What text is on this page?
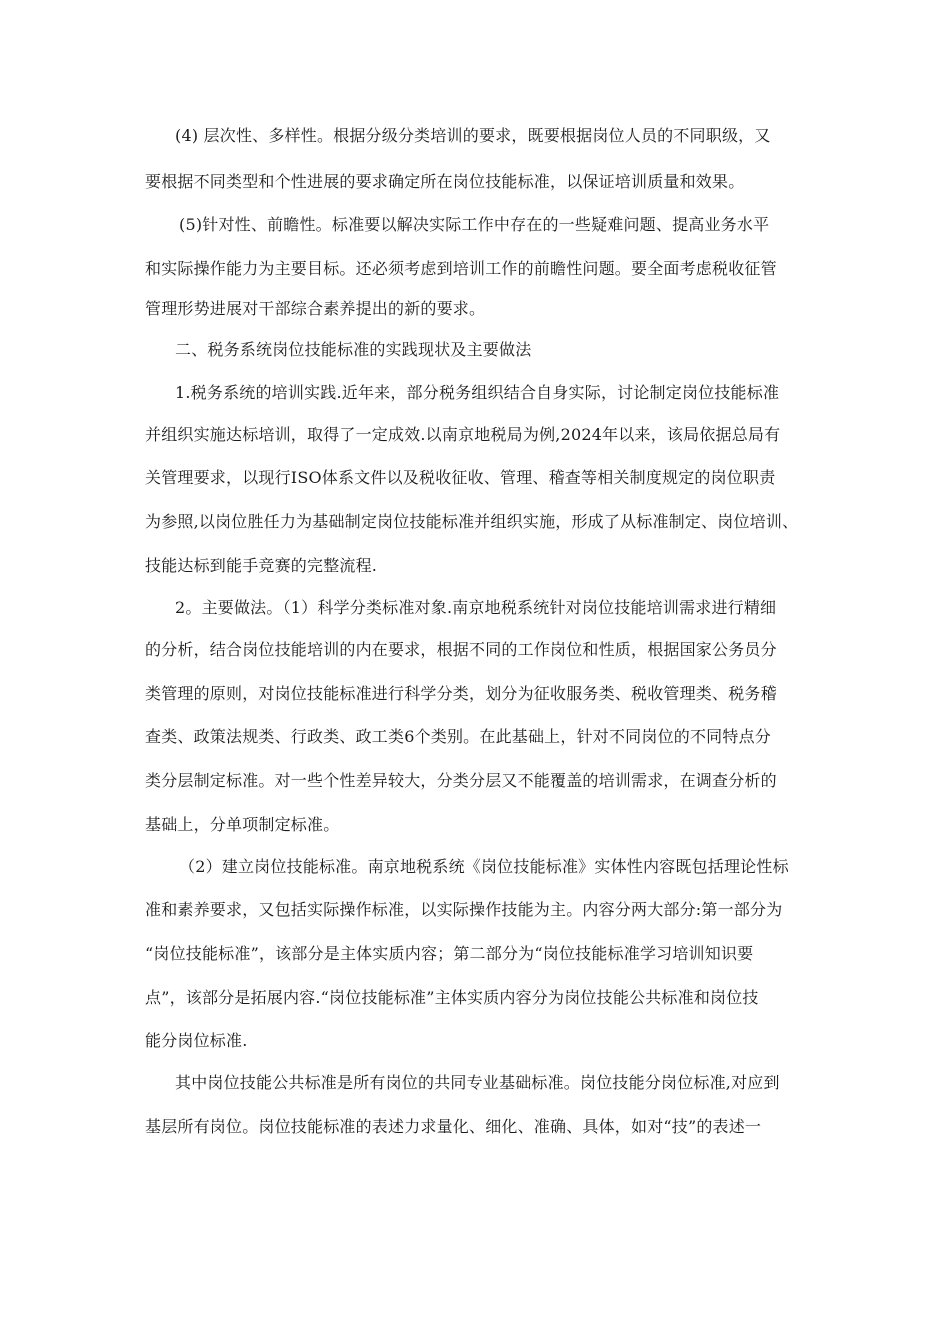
(4) 层次性、多样性。根据分级分类培训的要求，既要根据岗位人员的不同职级，又
要根据不同类型和个性进展的要求确定所在岗位技能标准，以保证培训质量和效果。
(5)针对性、前瞻性。标准要以解决实际工作中存在的一些疑难问题、提高业务水平
和实际操作能力为主要目标。还必须考虑到培训工作的前瞻性问题。要全面考虑税收征管
管理形势进展对干部综合素养提出的新的要求。
二、税务系统岗位技能标准的实践现状及主要做法
1.税务系统的培训实践.近年来，部分税务组织结合自身实际，讨论制定岗位技能标准
并组织实施达标培训，取得了一定成效.以南京地税局为例,2024年以来，该局依据总局有
关管理要求，以现行ISO体系文件以及税收征收、管理、稽查等相关制度规定的岗位职责
为参照,以岗位胜任力为基础制定岗位技能标准并组织实施，形成了从标准制定、岗位培训、
技能达标到能手竞赛的完整流程.
2。主要做法。（1）科学分类标准对象.南京地税系统针对岗位技能培训需求进行精细
的分析，结合岗位技能培训的内在要求，根据不同的工作岗位和性质，根据国家公务员分
类管理的原则，对岗位技能标准进行科学分类，划分为征收服务类、税收管理类、税务稽
查类、政策法规类、行政类、政工类6个类别。在此基础上，针对不同岗位的不同特点分
类分层制定标准。对一些个性差异较大，分类分层又不能覆盖的培训需求，在调查分析的
基础上，分单项制定标准。
（2）建立岗位技能标准。南京地税系统《岗位技能标准》实体性内容既包括理论性标
准和素养要求，又包括实际操作标准，以实际操作技能为主。内容分两大部分:第一部分为
“岗位技能标准”，该部分是主体实质内容；第二部分为“岗位技能标准学习培训知识要
点”，该部分是拓展内容.“岗位技能标准”主体实质内容分为岗位技能公共标准和岗位技
能分岗位标准.
其中岗位技能公共标准是所有岗位的共同专业基础标准。岗位技能分岗位标准,对应到
基层所有岗位。岗位技能标准的表述力求量化、细化、准确、具体，如对“技”的表述一
